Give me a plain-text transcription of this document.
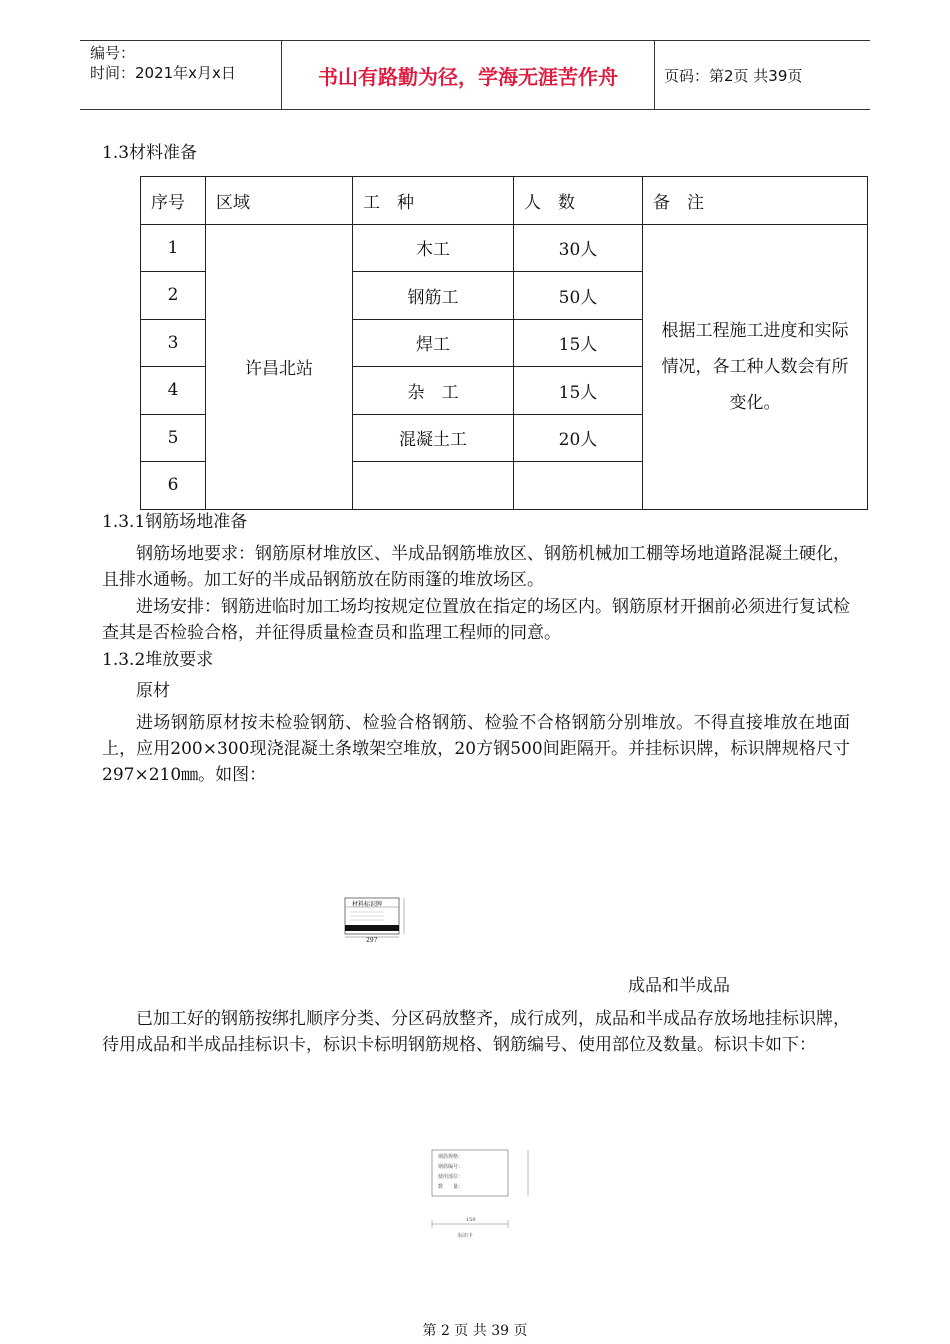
编号：
时间：2021年x月x日	书山有路勤为径，学海无涯苦作舟	页码：第2页 共39页
1.3材料准备
序号	区域	工　种	人　数	备　注
1	许昌北站	木工	30人	根据工程施工进度和实际情况，各工种人数会有所变化。
2		钢筋工	50人	
3		焊工	15人	
4		杂　工	15人	
5		混凝土工	20人	
6				
1.3.1钢筋场地准备
钢筋场地要求：钢筋原材堆放区、半成品钢筋堆放区、钢筋机械加工棚等场地道路混凝土硬化，且排水通畅。加工好的半成品钢筋放在防雨篷的堆放场区。
进场安排：钢筋进临时加工场均按规定位置放在指定的场区内。钢筋原材开捆前必须进行复试检查其是否检验合格，并征得质量检查员和监理工程师的同意。
1.3.2堆放要求
原材
进场钢筋原材按未检验钢筋、检验合格钢筋、检验不合格钢筋分别堆放。不得直接堆放在地面上，应用200×300现浇混凝土条墩架空堆放，20方钢500间距隔开。并挂标识牌，标识牌规格尺寸297×210㎜。如图：
材料标识牌
297
成品和半成品
已加工好的钢筋按绑扎顺序分类、分区码放整齐，成行成列，成品和半成品存放场地挂标识牌，待用成品和半成品挂标识卡，标识卡标明钢筋规格、钢筋编号、使用部位及数量。标识卡如下：
钢筋规格：
钢筋编号：
使用部位：
数　　量：
150
标识卡
第 2 页 共 39 页
